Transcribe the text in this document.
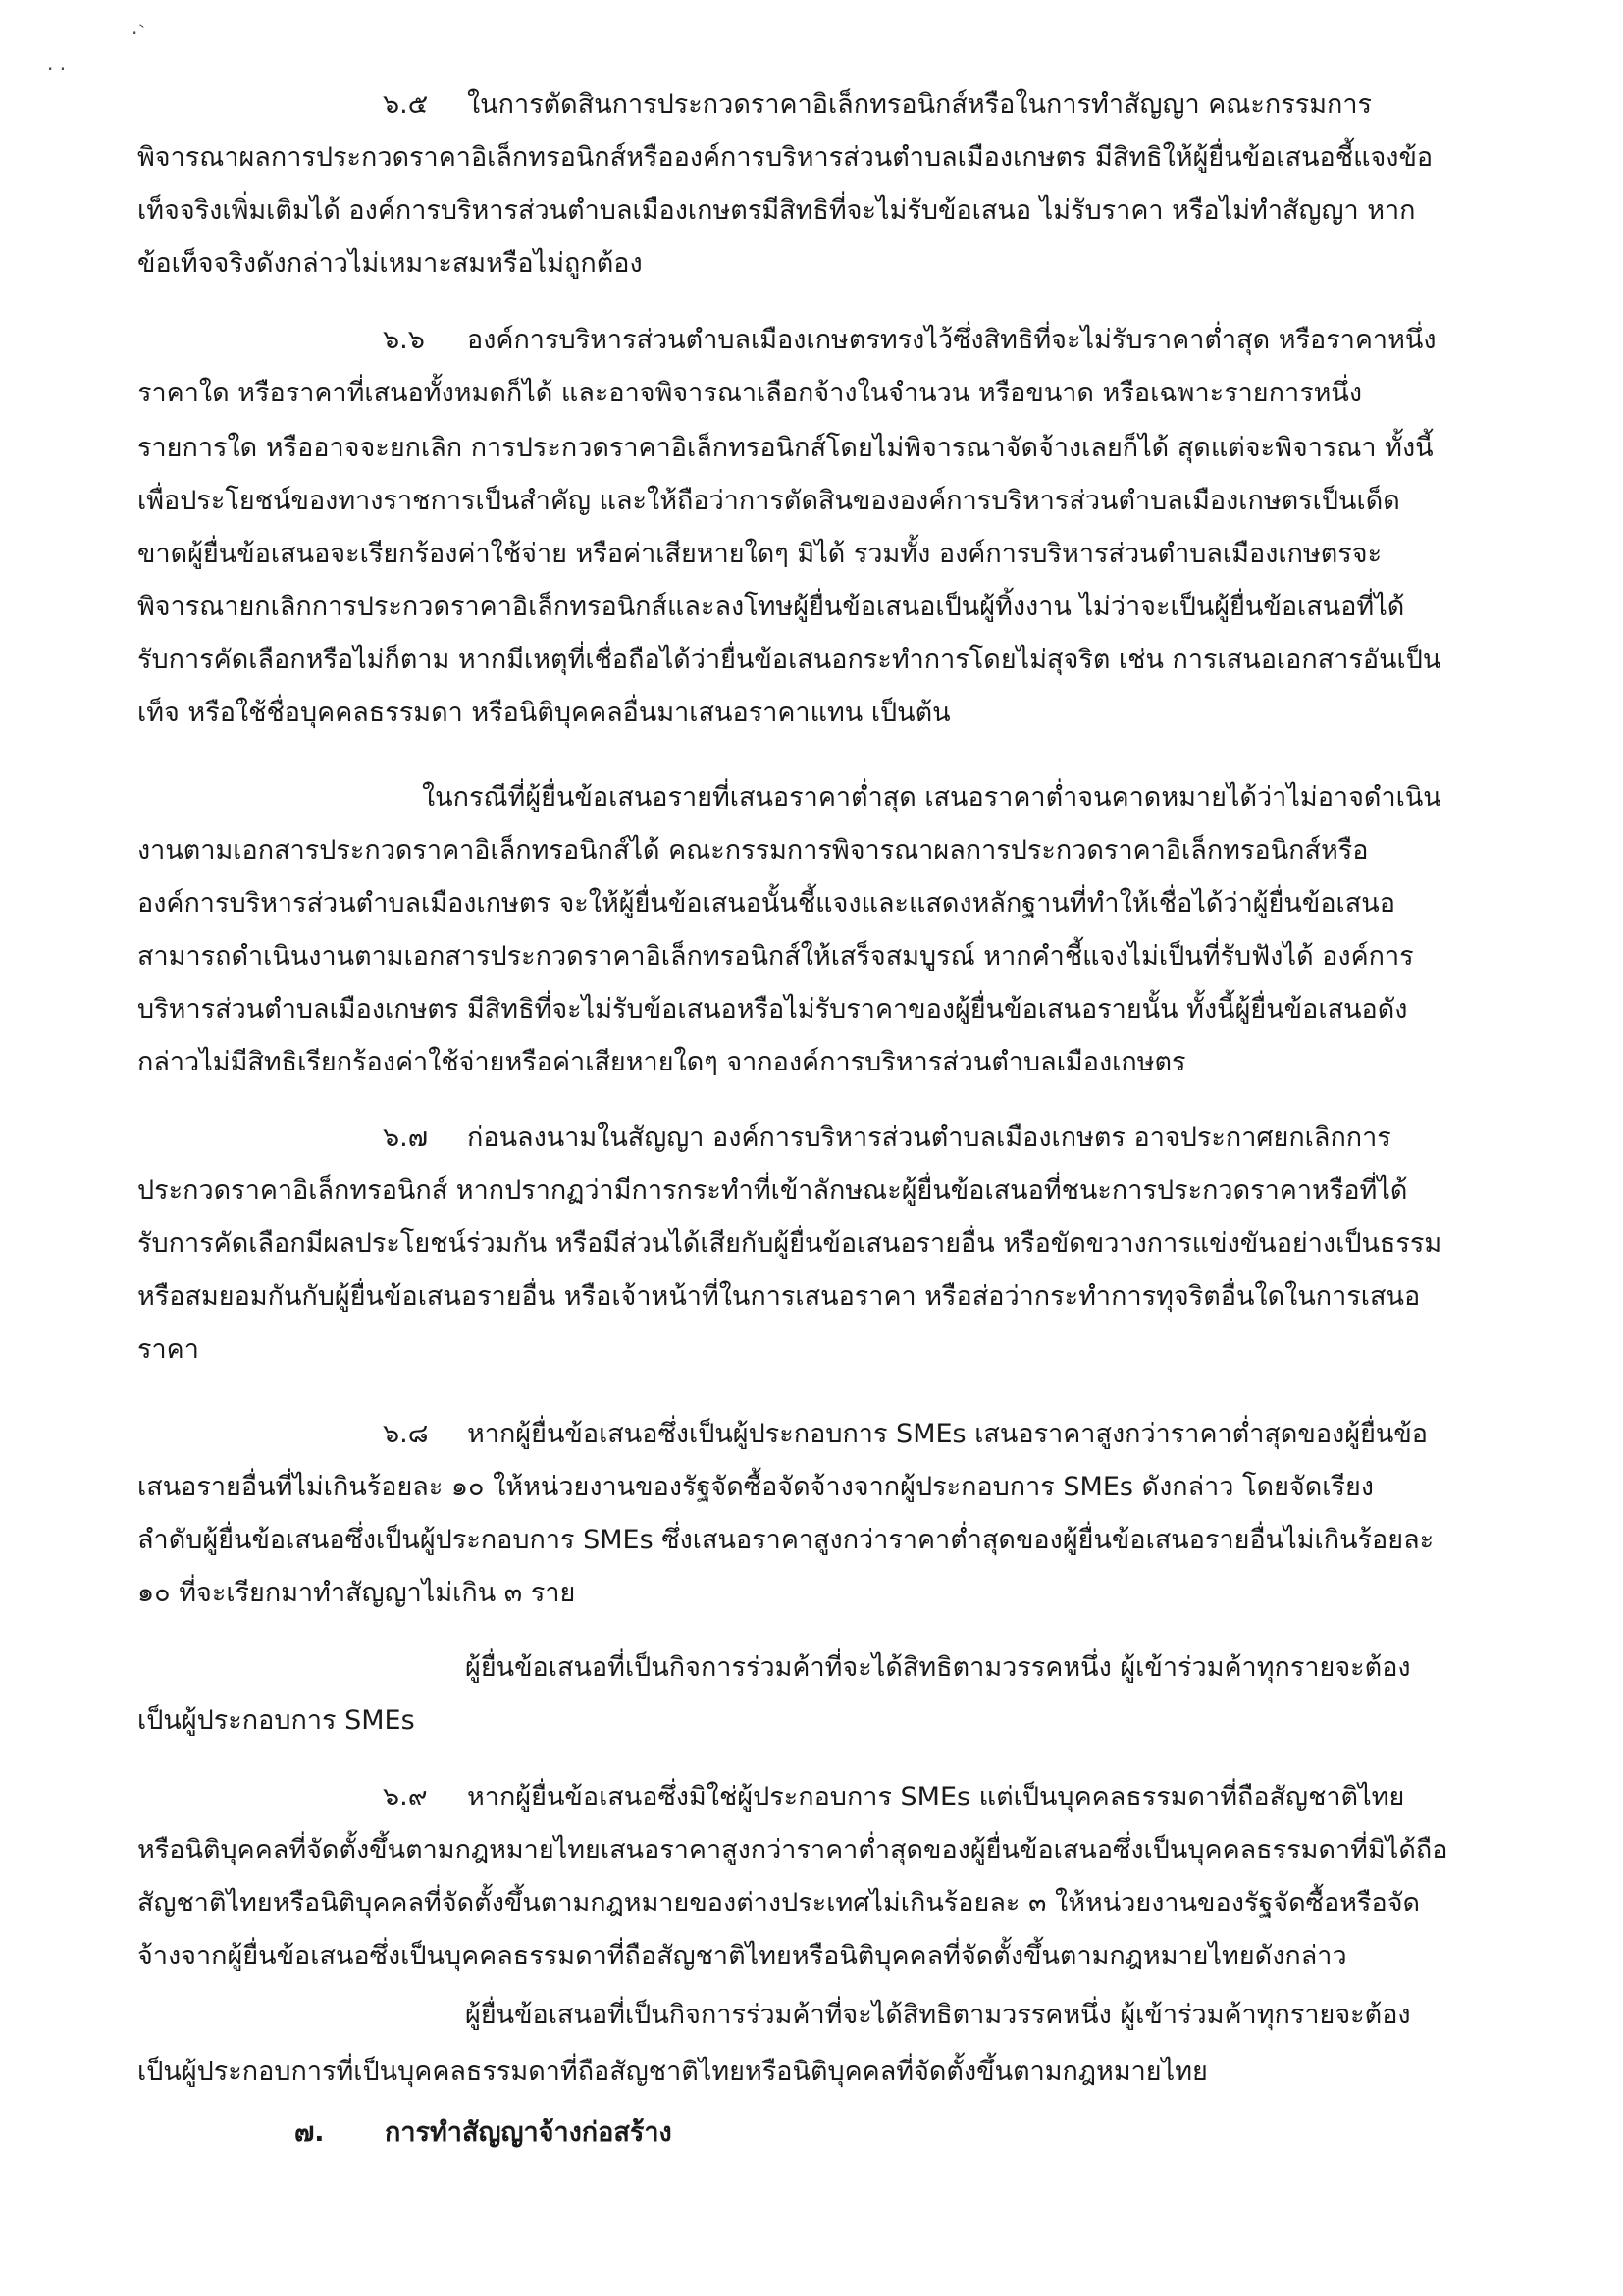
·ˋ
· ·
๖.๕ ในการตัดสินการประกวดราคาอิเล็กทรอนิกส์หรือในการทำสัญญา คณะกรรมการ
พิจารณาผลการประกวดราคาอิเล็กทรอนิกส์หรือองค์การบริหารส่วนตำบลเมืองเกษตร มีสิทธิให้ผู้ยื่นข้อเสนอชี้แจงข้อ
เท็จจริงเพิ่มเติมได้ องค์การบริหารส่วนตำบลเมืองเกษตรมีสิทธิที่จะไม่รับข้อเสนอ ไม่รับราคา หรือไม่ทำสัญญา หาก
ข้อเท็จจริงดังกล่าวไม่เหมาะสมหรือไม่ถูกต้อง
๖.๖ องค์การบริหารส่วนตำบลเมืองเกษตรทรงไว้ซึ่งสิทธิที่จะไม่รับราคาต่ำสุด หรือราคาหนึ่ง
ราคาใด หรือราคาที่เสนอทั้งหมดก็ได้ และอาจพิจารณาเลือกจ้างในจำนวน หรือขนาด หรือเฉพาะรายการหนึ่ง
รายการใด หรืออาจจะยกเลิก การประกวดราคาอิเล็กทรอนิกส์โดยไม่พิจารณาจัดจ้างเลยก็ได้ สุดแต่จะพิจารณา ทั้งนี้
เพื่อประโยชน์ของทางราชการเป็นสำคัญ และให้ถือว่าการตัดสินขององค์การบริหารส่วนตำบลเมืองเกษตรเป็นเด็ด
ขาดผู้ยื่นข้อเสนอจะเรียกร้องค่าใช้จ่าย หรือค่าเสียหายใดๆ มิได้ รวมทั้ง องค์การบริหารส่วนตำบลเมืองเกษตรจะ
พิจารณายกเลิกการประกวดราคาอิเล็กทรอนิกส์และลงโทษผู้ยื่นข้อเสนอเป็นผู้ทิ้งงาน ไม่ว่าจะเป็นผู้ยื่นข้อเสนอที่ได้
รับการคัดเลือกหรือไม่ก็ตาม หากมีเหตุที่เชื่อถือได้ว่ายื่นข้อเสนอกระทำการโดยไม่สุจริต เช่น การเสนอเอกสารอันเป็น
เท็จ หรือใช้ชื่อบุคคลธรรมดา หรือนิติบุคคลอื่นมาเสนอราคาแทน เป็นต้น
ในกรณีที่ผู้ยื่นข้อเสนอรายที่เสนอราคาต่ำสุด เสนอราคาต่ำจนคาดหมายได้ว่าไม่อาจดำเนิน
งานตามเอกสารประกวดราคาอิเล็กทรอนิกส์ได้ คณะกรรมการพิจารณาผลการประกวดราคาอิเล็กทรอนิกส์หรือ
องค์การบริหารส่วนตำบลเมืองเกษตร จะให้ผู้ยื่นข้อเสนอนั้นชี้แจงและแสดงหลักฐานที่ทำให้เชื่อได้ว่าผู้ยื่นข้อเสนอ
สามารถดำเนินงานตามเอกสารประกวดราคาอิเล็กทรอนิกส์ให้เสร็จสมบูรณ์ หากคำชี้แจงไม่เป็นที่รับฟังได้ องค์การ
บริหารส่วนตำบลเมืองเกษตร มีสิทธิที่จะไม่รับข้อเสนอหรือไม่รับราคาของผู้ยื่นข้อเสนอรายนั้น ทั้งนี้ผู้ยื่นข้อเสนอดัง
กล่าวไม่มีสิทธิเรียกร้องค่าใช้จ่ายหรือค่าเสียหายใดๆ จากองค์การบริหารส่วนตำบลเมืองเกษตร
๖.๗ ก่อนลงนามในสัญญา องค์การบริหารส่วนตำบลเมืองเกษตร อาจประกาศยกเลิกการ
ประกวดราคาอิเล็กทรอนิกส์ หากปรากฏว่ามีการกระทำที่เข้าลักษณะผู้ยื่นข้อเสนอที่ชนะการประกวดราคาหรือที่ได้
รับการคัดเลือกมีผลประโยชน์ร่วมกัน หรือมีส่วนได้เสียกับผู้ยื่นข้อเสนอรายอื่น หรือขัดขวางการแข่งขันอย่างเป็นธรรม
หรือสมยอมกันกับผู้ยื่นข้อเสนอรายอื่น หรือเจ้าหน้าที่ในการเสนอราคา หรือส่อว่ากระทำการทุจริตอื่นใดในการเสนอ
ราคา
๖.๘ หากผู้ยื่นข้อเสนอซึ่งเป็นผู้ประกอบการ SMEs เสนอราคาสูงกว่าราคาต่ำสุดของผู้ยื่นข้อ
เสนอรายอื่นที่ไม่เกินร้อยละ ๑๐ ให้หน่วยงานของรัฐจัดซื้อจัดจ้างจากผู้ประกอบการ SMEs ดังกล่าว โดยจัดเรียง
ลำดับผู้ยื่นข้อเสนอซึ่งเป็นผู้ประกอบการ SMEs ซึ่งเสนอราคาสูงกว่าราคาต่ำสุดของผู้ยื่นข้อเสนอรายอื่นไม่เกินร้อยละ
๑๐ ที่จะเรียกมาทำสัญญาไม่เกิน ๓ ราย
ผู้ยื่นข้อเสนอที่เป็นกิจการร่วมค้าที่จะได้สิทธิตามวรรคหนึ่ง ผู้เข้าร่วมค้าทุกรายจะต้อง
เป็นผู้ประกอบการ SMEs
๖.๙ หากผู้ยื่นข้อเสนอซึ่งมิใช่ผู้ประกอบการ SMEs แต่เป็นบุคคลธรรมดาที่ถือสัญชาติไทย
หรือนิติบุคคลที่จัดตั้งขึ้นตามกฎหมายไทยเสนอราคาสูงกว่าราคาต่ำสุดของผู้ยื่นข้อเสนอซึ่งเป็นบุคคลธรรมดาที่มิได้ถือ
สัญชาติไทยหรือนิติบุคคลที่จัดตั้งขึ้นตามกฎหมายของต่างประเทศไม่เกินร้อยละ ๓ ให้หน่วยงานของรัฐจัดซื้อหรือจัด
จ้างจากผู้ยื่นข้อเสนอซึ่งเป็นบุคคลธรรมดาที่ถือสัญชาติไทยหรือนิติบุคคลที่จัดตั้งขึ้นตามกฎหมายไทยดังกล่าว
ผู้ยื่นข้อเสนอที่เป็นกิจการร่วมค้าที่จะได้สิทธิตามวรรคหนึ่ง ผู้เข้าร่วมค้าทุกรายจะต้อง
เป็นผู้ประกอบการที่เป็นบุคคลธรรมดาที่ถือสัญชาติไทยหรือนิติบุคคลที่จัดตั้งขึ้นตามกฎหมายไทย
๗. การทำสัญญาจ้างก่อสร้าง
